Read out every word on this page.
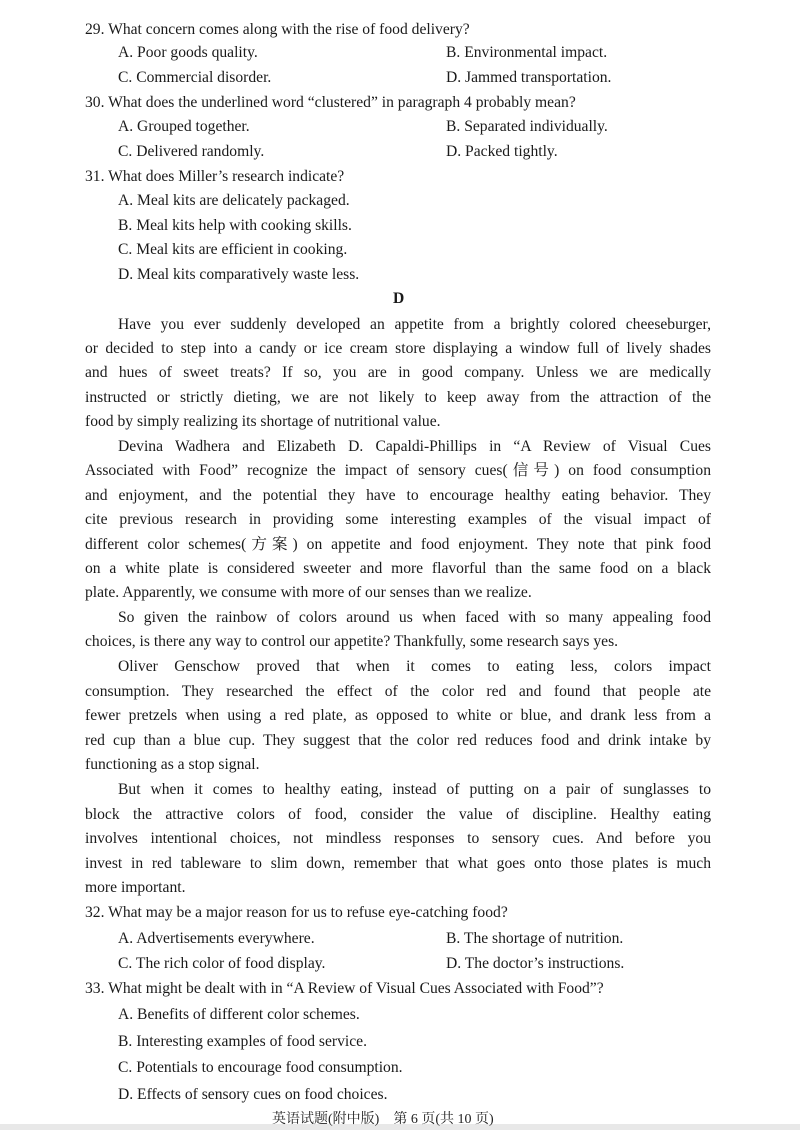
29. What concern comes along with the rise of food delivery?
A. Poor goods quality.	B. Environmental impact.
C. Commercial disorder.	D. Jammed transportation.
30. What does the underlined word “clustered” in paragraph 4 probably mean?
A. Grouped together.	B. Separated individually.
C. Delivered randomly.	D. Packed tightly.
31. What does Miller’s research indicate?
A. Meal kits are delicately packaged.
B. Meal kits help with cooking skills.
C. Meal kits are efficient in cooking.
D. Meal kits comparatively waste less.
D
Have you ever suddenly developed an appetite from a brightly colored cheeseburger,
or decided to step into a candy or ice cream store displaying a window full of lively shades
and hues of sweet treats? If so, you are in good company. Unless we are medically
instructed or strictly dieting, we are not likely to keep away from the attraction of the
food by simply realizing its shortage of nutritional value.
Devina Wadhera and Elizabeth D. Capaldi-Phillips in “A Review of Visual Cues
Associated with Food” recognize the impact of sensory cues(信号) on food consumption
and enjoyment, and the potential they have to encourage healthy eating behavior. They
cite previous research in providing some interesting examples of the visual impact of
different color schemes(方案) on appetite and food enjoyment. They note that pink food
on a white plate is considered sweeter and more flavorful than the same food on a black
plate. Apparently, we consume with more of our senses than we realize.
So given the rainbow of colors around us when faced with so many appealing food
choices, is there any way to control our appetite? Thankfully, some research says yes.
Oliver Genschow proved that when it comes to eating less, colors impact
consumption. They researched the effect of the color red and found that people ate
fewer pretzels when using a red plate, as opposed to white or blue, and drank less from a
red cup than a blue cup. They suggest that the color red reduces food and drink intake by
functioning as a stop signal.
But when it comes to healthy eating, instead of putting on a pair of sunglasses to
block the attractive colors of food, consider the value of discipline. Healthy eating
involves intentional choices, not mindless responses to sensory cues. And before you
invest in red tableware to slim down, remember that what goes onto those plates is much
more important.
32. What may be a major reason for us to refuse eye-catching food?
A. Advertisements everywhere.	B. The shortage of nutrition.
C. The rich color of food display.	D. The doctor’s instructions.
33. What might be dealt with in “A Review of Visual Cues Associated with Food”?
A. Benefits of different color schemes.
B. Interesting examples of food service.
C. Potentials to encourage food consumption.
D. Effects of sensory cues on food choices.
英语试题(附中版)　第 6 页(共 10 页)
